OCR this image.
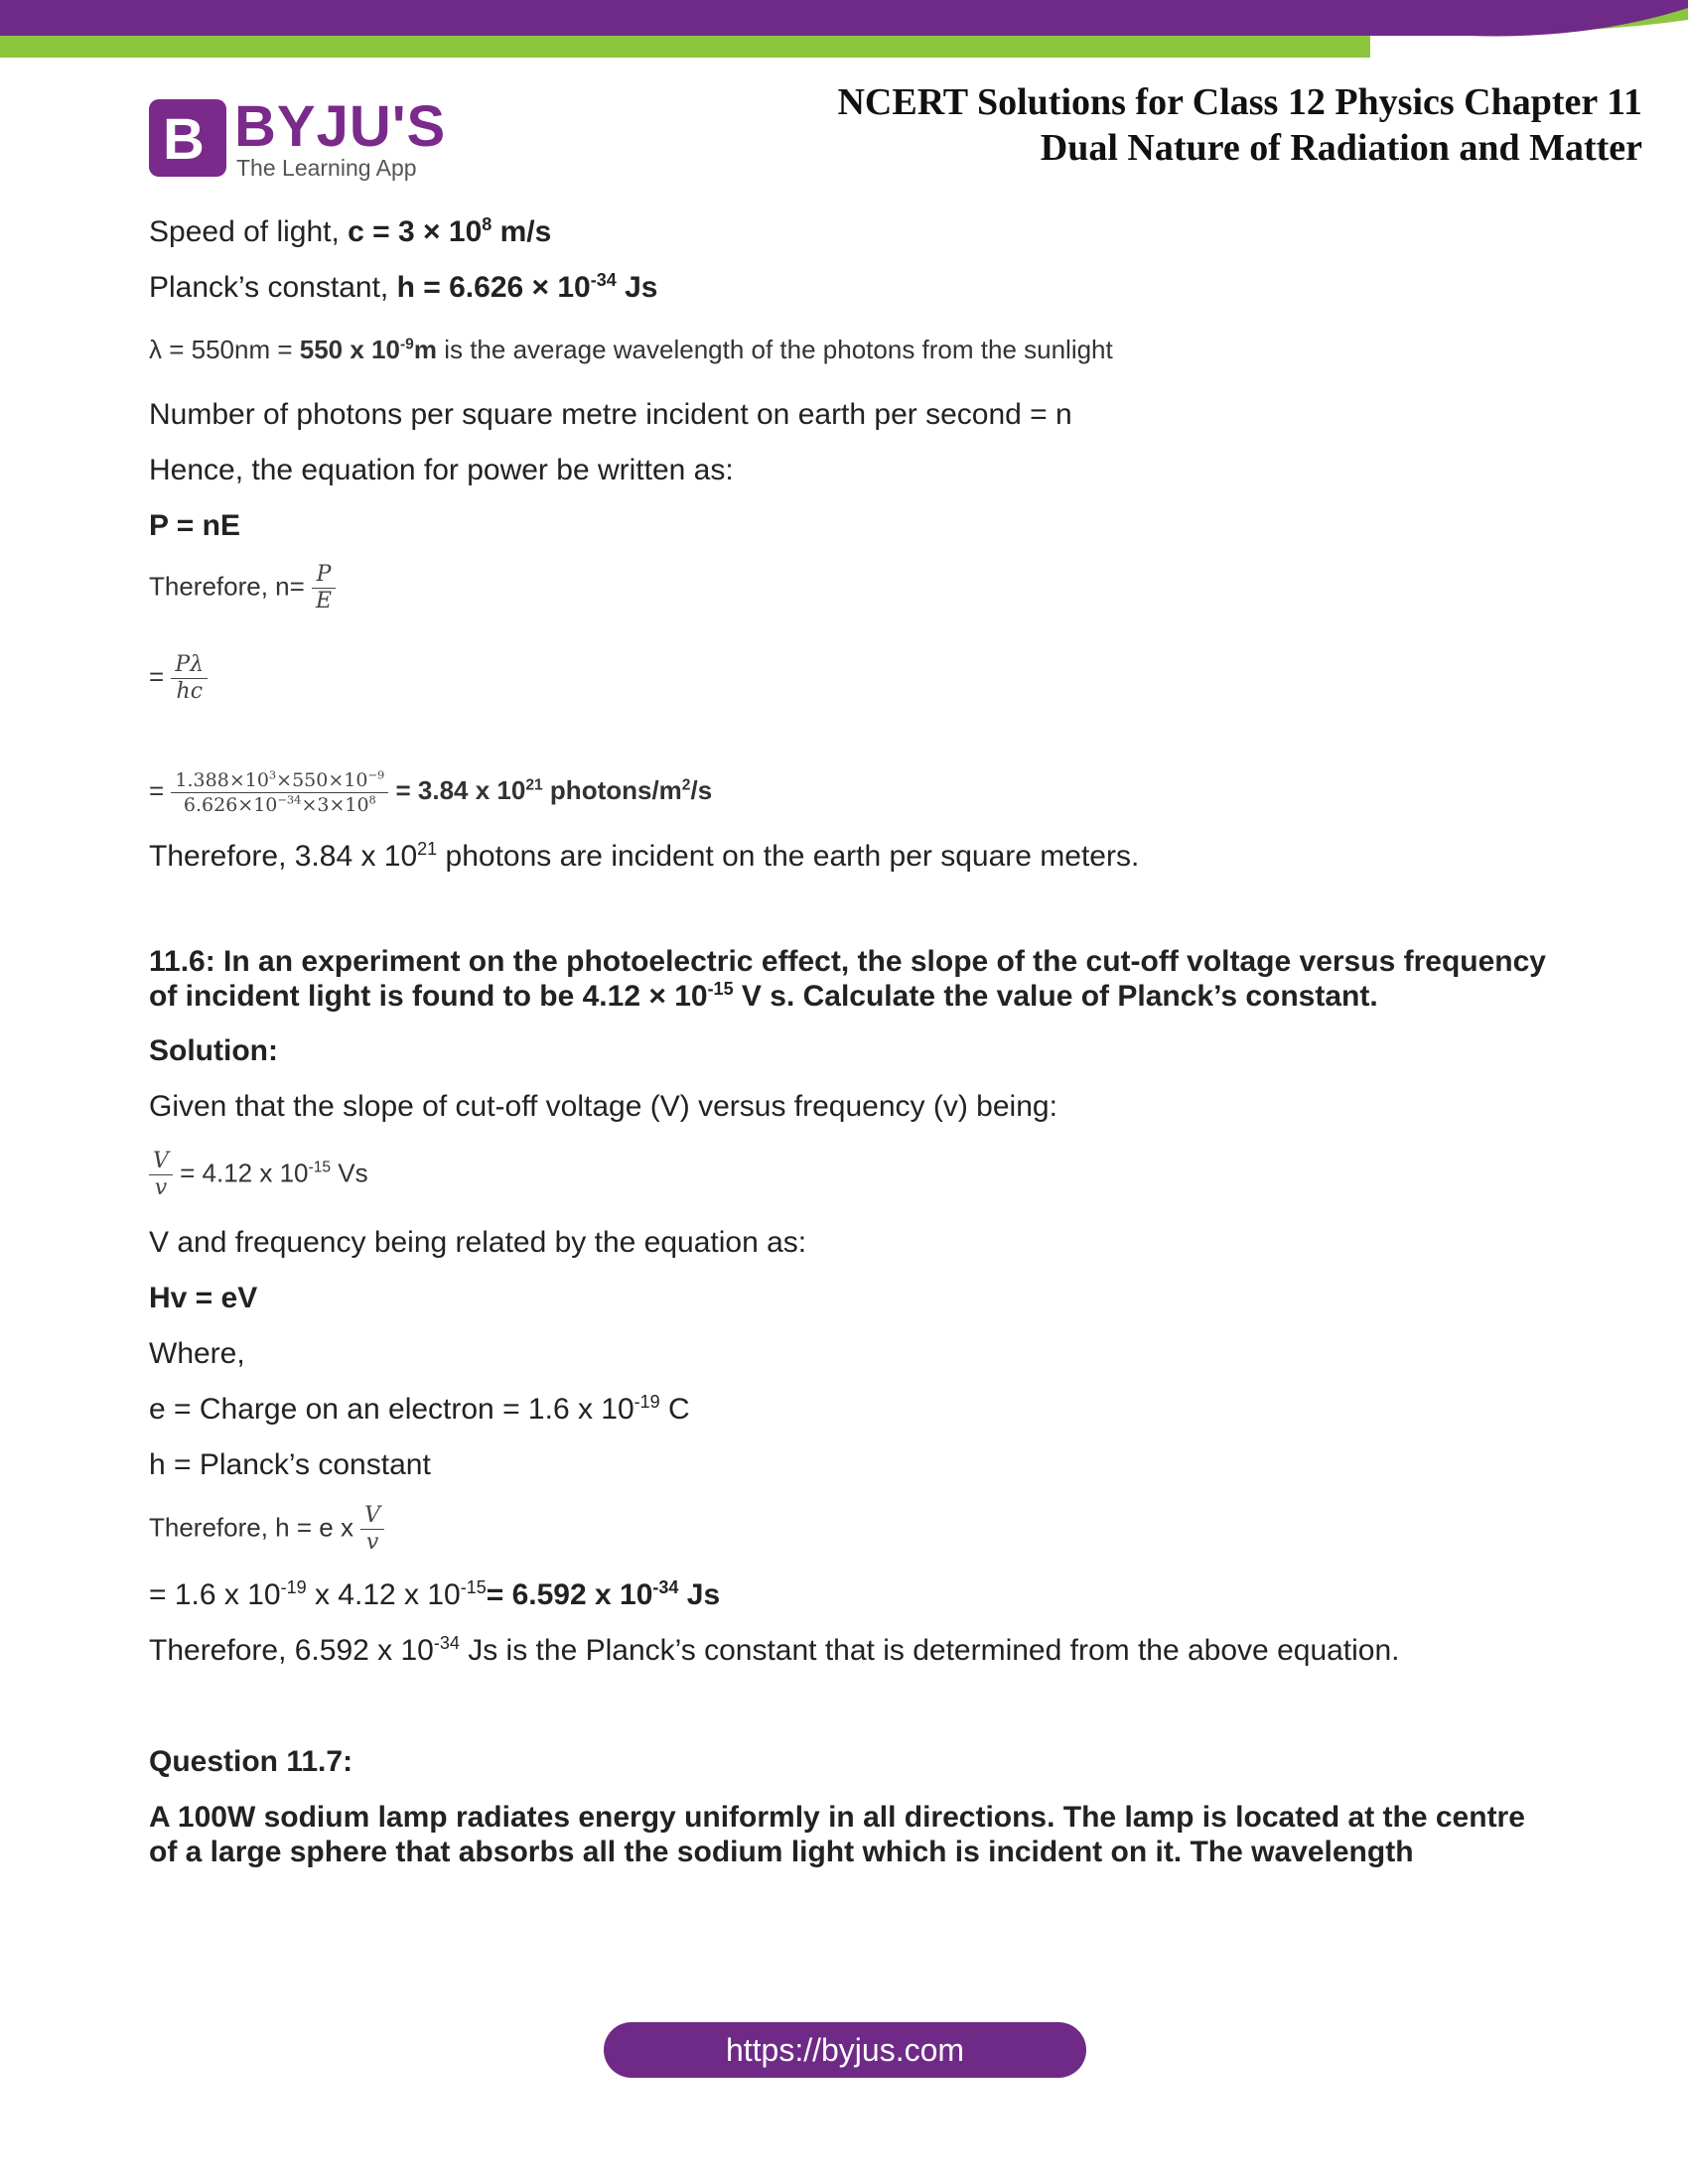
B BYJU'S
The Learning App
NCERT Solutions for Class 12 Physics Chapter 11
Dual Nature of Radiation and Matter

Speed of light, $c = 3 \times 10^8$ m/s

Planck’s constant, $h = 6.626 \times 10^{-34}$ Js

λ = 550nm = 550 x $10^{-9}m$ is the average wavelength of the photons from the sunlight

Number of photons per square metre incident on earth per second = n

Hence, the equation for power be written as:

P = nE

Therefore, $n= \frac{P}{E}$

= $\frac{P\lambda}{hc}$

= $\frac{1.388\times 10^3\times 550\times 10^{-9}}{6.626\times 10^{-34}\times 3\times 10^8} = 3.84$ x $10^{21}$ photons/$m^2/s$

Therefore, 3.84 x $10^{21}$ photons are incident on the earth per square meters.

11.6: In an experiment on the photoelectric effect, the slope of the cut-off voltage versus frequency of incident light is found to be $4.12 \times 10^{-15}$ V s. Calculate the value of Planck’s constant.

Solution:

Given that the slope of cut-off voltage (V) versus frequency (v) being:

$\frac{V}{v} = 4.12$ x $10^{-15}$ Vs

V and frequency being related by the equation as:

Hv = eV

Where,

e = Charge on an electron = 1.6 x $10^{-19}$ C

h = Planck’s constant

Therefore, h = e x $\frac{V}{v}$

= 1.6 x $10^{-19}$ x 4.12 x $10^{-15}= 6.592$ x $10^{-34}$ Js

Therefore, 6.592 x $10^{-34}$ Js is the Planck’s constant that is determined from the above equation.

Question 11.7:

A 100W sodium lamp radiates energy uniformly in all directions. The lamp is located at the centre of a large sphere that absorbs all the sodium light which is incident on it. The wavelength

https://byjus.com
